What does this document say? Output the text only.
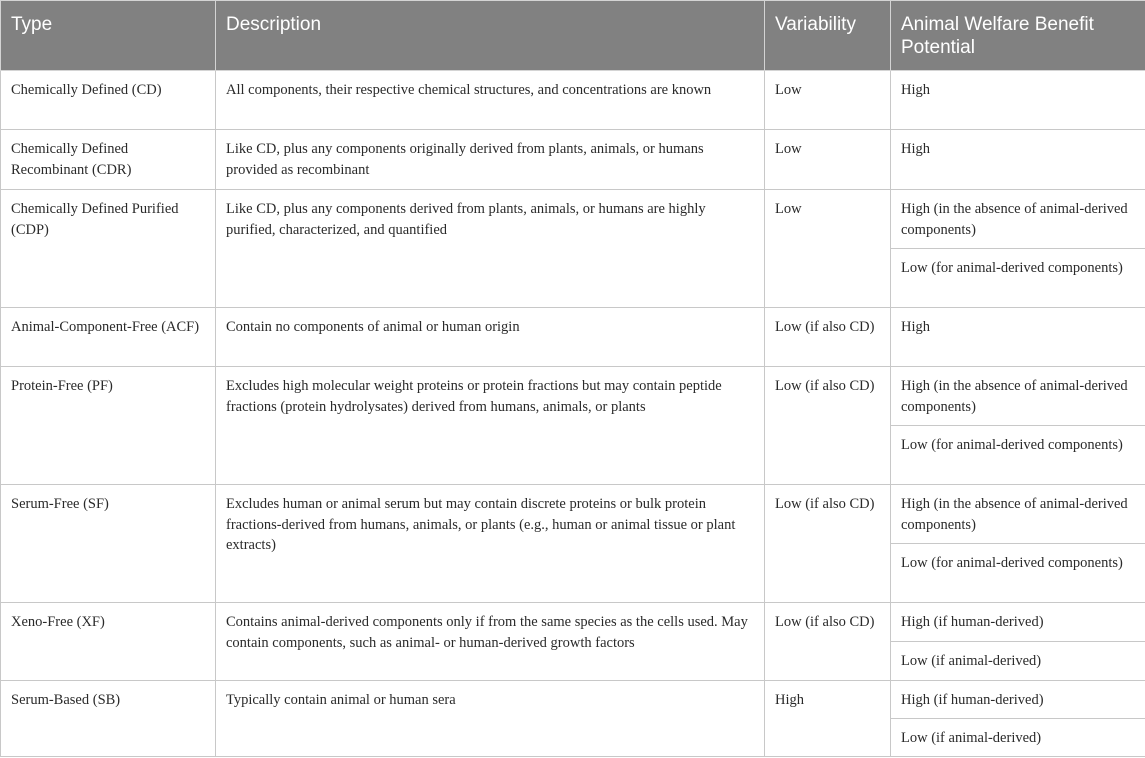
Type	Description	Variability	Animal Welfare Benefit Potential
Chemically Defined (CD)	All components, their respective chemical structures, and concentrations are known	Low	High
Chemically Defined Recombinant (CDR)	Like CD, plus any components originally derived from plants, animals, or humans provided as recombinant	Low	High
Chemically Defined Purified (CDP)	Like CD, plus any components derived from plants, animals, or humans are highly purified, characterized, and quantified	Low	High (in the absence of animal-derived components)
			Low (for animal-derived components)
Animal-Component-Free (ACF)	Contain no components of animal or human origin	Low (if also CD)	High
Protein-Free (PF)	Excludes high molecular weight proteins or protein fractions but may contain peptide fractions (protein hydrolysates) derived from humans, animals, or plants	Low (if also CD)	High (in the absence of animal-derived components)
			Low (for animal-derived components)
Serum-Free (SF)	Excludes human or animal serum but may contain discrete proteins or bulk protein fractions-derived from humans, animals, or plants (e.g., human or animal tissue or plant extracts)	Low (if also CD)	High (in the absence of animal-derived components)
			Low (for animal-derived components)
Xeno-Free (XF)	Contains animal-derived components only if from the same species as the cells used. May contain components, such as animal- or human-derived growth factors	Low (if also CD)	High (if human-derived)
			Low (if animal-derived)
Serum-Based (SB)	Typically contain animal or human sera	High	High (if human-derived)
			Low (if animal-derived)
